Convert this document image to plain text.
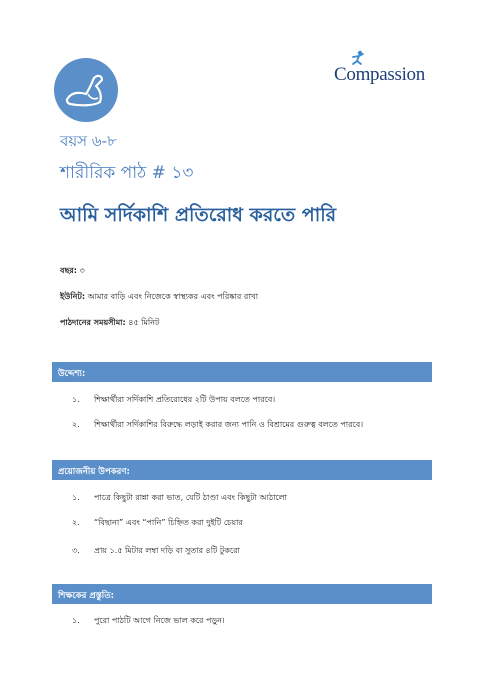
Compassion
বয়স ৬-৮
শারীরিক পাঠ # ১৩
আমি সর্দিকাশি প্রতিরোধ করতে পারি
বছর: ৩
ইউনিট: আমার বাড়ি এবং নিজেকে স্বাস্থ্যকর এবং পরিষ্কার রাখা
পাঠদানের সময়সীমা: ৪৫ মিনিট
উদ্দেশ্য:
১. শিক্ষার্থীরা সর্দিকাশি প্রতিরোধের ২টি উপায় বলতে পারবে।
২. শিক্ষার্থীরা সর্দিকাশির বিরুদ্ধে লড়াই করার জন্য পানি ও বিশ্রামের গুরুত্ব বলতে পারবে।
প্রয়োজনীয় উপকরণ:
১. পাত্রে কিছুটা রান্না করা ভাত, যেটি ঠাণ্ডা এবং কিছুটা আঠালো
২. “বিছানা” এবং “পানি” চিহ্নিত করা দুইটি চেয়ার
৩. প্রায় ১.৫ মিটার লম্বা দড়ি বা সুতার ৪টি টুকরো
শিক্ষকের প্রস্তুতি:
১. পুরো পাঠটি আগে নিজে ভাল করে পড়ুন।
